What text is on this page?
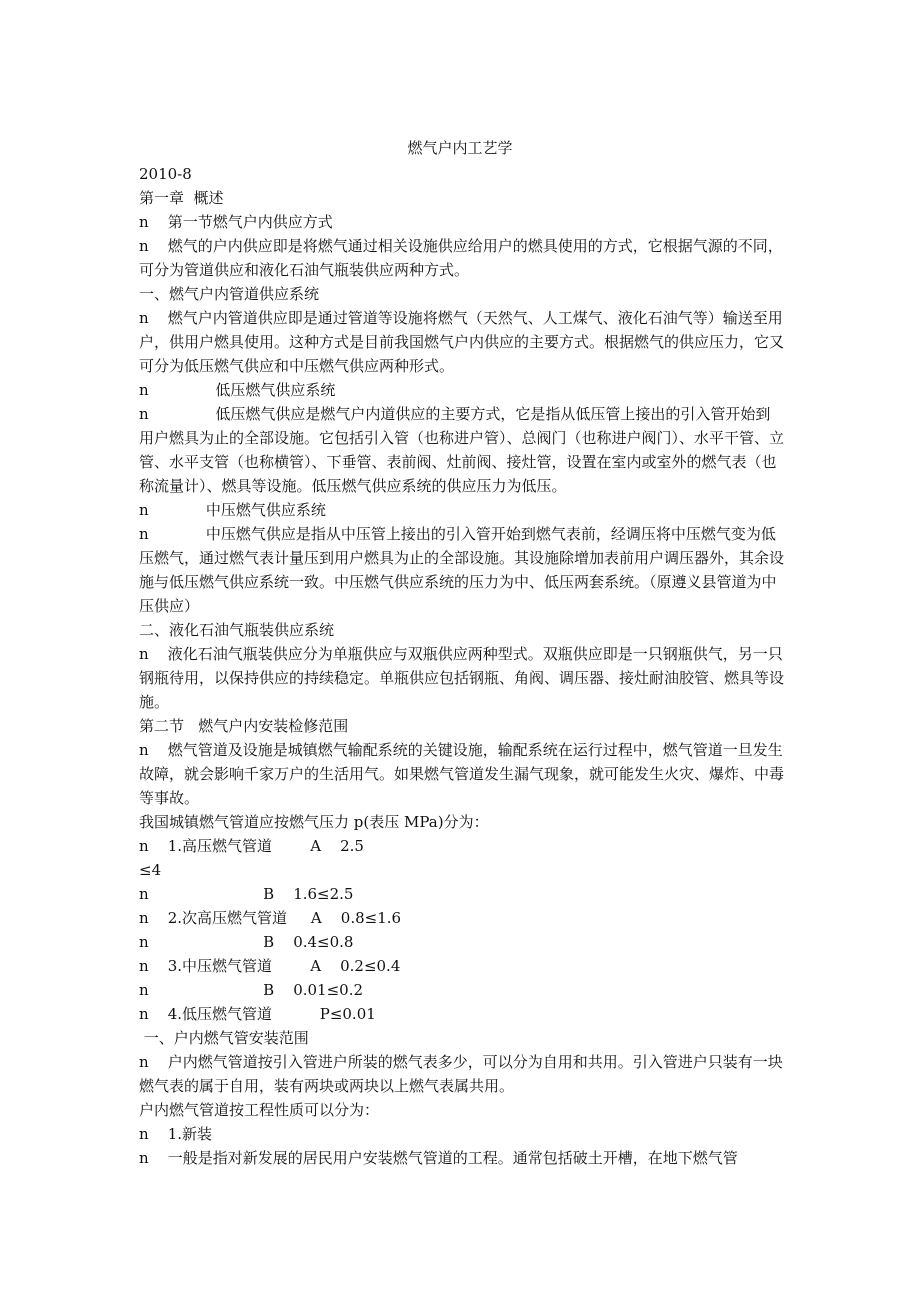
燃气户内工艺学

2010-8

第一章  概述

n    第一节燃气户内供应方式

n    燃气的户内供应即是将燃气通过相关设施供应给用户的燃具使用的方式，它根据气源的不同，可分为管道供应和液化石油气瓶装供应两种方式。

一、燃气户内管道供应系统

n    燃气户内管道供应即是通过管道等设施将燃气（天然气、人工煤气、液化石油气等）输送至用户，供用户燃具使用。这种方式是目前我国燃气户内供应的主要方式。根据燃气的供应压力，它又可分为低压燃气供应和中压燃气供应两种形式。

n              低压燃气供应系统

n              低压燃气供应是燃气户内道供应的主要方式，它是指从低压管上接出的引入管开始到用户燃具为止的全部设施。它包括引入管（也称进户管）、总阀门（也称进户阀门）、水平干管、立管、水平支管（也称横管）、下垂管、表前阀、灶前阀、接灶管，设置在室内或室外的燃气表（也称流量计）、燃具等设施。低压燃气供应系统的供应压力为低压。

n            中压燃气供应系统

n            中压燃气供应是指从中压管上接出的引入管开始到燃气表前，经调压将中压燃气变为低压燃气，通过燃气表计量压到用户燃具为止的全部设施。其设施除增加表前用户调压器外，其余设施与低压燃气供应系统一致。中压燃气供应系统的压力为中、低压两套系统。（原遵义县管道为中压供应）

二、液化石油气瓶装供应系统

n    液化石油气瓶装供应分为单瓶供应与双瓶供应两种型式。双瓶供应即是一只钢瓶供气，另一只钢瓶待用，以保持供应的持续稳定。单瓶供应包括钢瓶、角阀、调压器、接灶耐油胶管、燃具等设施。

第二节   燃气户内安装检修范围

n    燃气管道及设施是城镇燃气输配系统的关键设施，输配系统在运行过程中，燃气管道一旦发生故障，就会影响千家万户的生活用气。如果燃气管道发生漏气现象，就可能发生火灾、爆炸、中毒等事故。

我国城镇燃气管道应按燃气压力 p(表压 MPa)分为：

n    1.高压燃气管道        A    2.5

≤4

n                        B    1.6≤2.5

n    2.次高压燃气管道     A    0.8≤1.6

n                        B    0.4≤0.8

n    3.中压燃气管道        A    0.2≤0.4

n                        B    0.01≤0.2

n    4.低压燃气管道          P≤0.01

一、户内燃气管安装范围

n    户内燃气管道按引入管进户所装的燃气表多少，可以分为自用和共用。引入管进户只装有一块燃气表的属于自用，装有两块或两块以上燃气表属共用。

户内燃气管道按工程性质可以分为：

n    1.新装

n    一般是指对新发展的居民用户安装燃气管道的工程。通常包括破土开槽，在地下燃气管
